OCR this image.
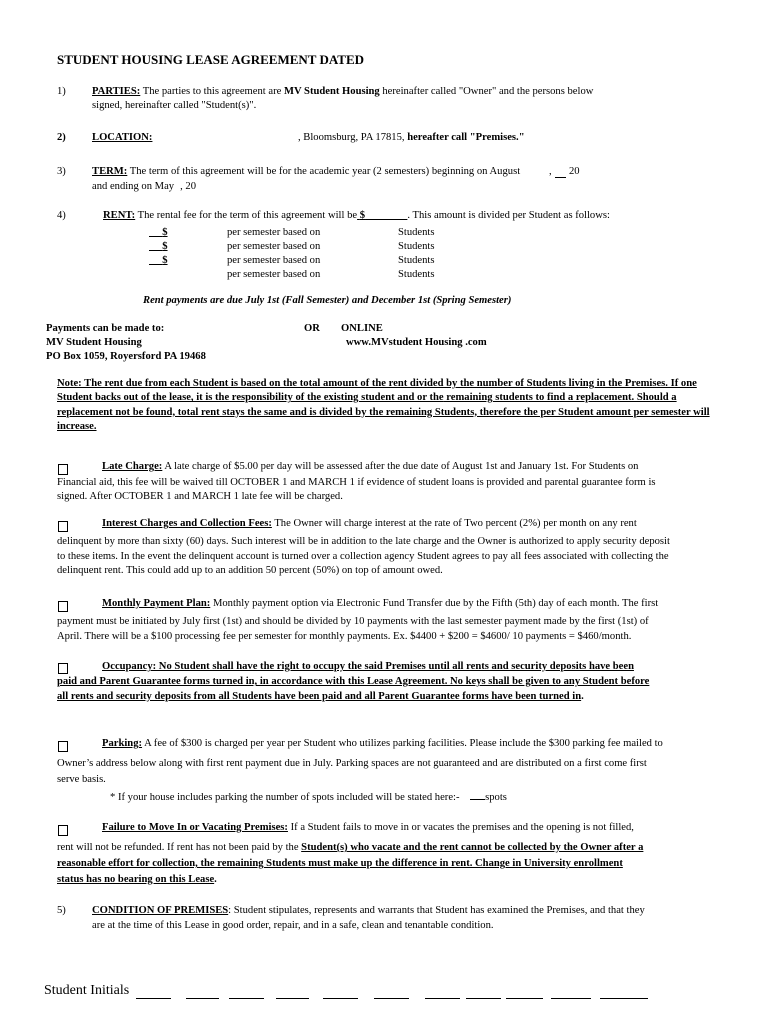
STUDENT HOUSING LEASE AGREEMENT DATED
1) PARTIES: The parties to this agreement are MV Student Housing hereinafter called "Owner" and the persons below
signed, hereinafter called "Student(s)".
2) LOCATION:	, Bloomsburg, PA 17815, hereafter call "Premises."
3) TERM: The term of this agreement will be for the academic year (2 semesters) beginning on August	, 20
and ending on May , 20
4)	RENT: The rental fee for the term of this agreement will be $	. This amount is divided per Student as follows:
$	per semester based on	Students
$	per semester based on	Students
$	per semester based on	Students
per semester based on	Students
Rent payments are due July 1st (Fall Semester) and December 1st (Spring Semester)
Payments can be made to:	OR ONLINE
MV Student Housing	www.MVstudent Housing .com
PO Box 1059, Royersford PA 19468
Note: The rent due from each Student is based on the total amount of the rent divided by the number of Students living in the Premises. If one Student backs out of the lease, it is the responsibility of the existing student and or the remaining students to find a replacement. Should a replacement not be found, total rent stays the same and is divided by the remaining Students, therefore the per Student amount per semester will increase.
Late Charge: A late charge of $5.00 per day will be assessed after the due date of August 1st and January 1st. For Students on
Financial aid, this fee will be waived till OCTOBER 1 and MARCH 1 if evidence of student loans is provided and parental guarantee form is
signed. After OCTOBER 1 and MARCH 1 late fee will be charged.
Interest Charges and Collection Fees: The Owner will charge interest at the rate of Two percent (2%) per month on any rent
delinquent by more than sixty (60) days. Such interest will be in addition to the late charge and the Owner is authorized to apply security deposit
to these items. In the event the delinquent account is turned over a collection agency Student agrees to pay all fees associated with collecting the
delinquent rent. This could add up to an addition 50 percent (50%) on top of amount owed.
Monthly Payment Plan: Monthly payment option via Electronic Fund Transfer due by the Fifth (5th) day of each month. The first
payment must be initiated by July first (1st) and should be divided by 10 payments with the last semester payment made by the first (1st) of
April. There will be a $100 processing fee per semester for monthly payments. Ex. $4400 + $200 = $4600/ 10 payments = $460/month.
Occupancy: No Student shall have the right to occupy the said Premises until all rents and security deposits have been
paid and Parent Guarantee forms turned in, in accordance with this Lease Agreement. No keys shall be given to any Student before
all rents and security deposits from all Students have been paid and all Parent Guarantee forms have been turned in.
Parking: A fee of $300 is charged per year per Student who utilizes parking facilities. Please include the $300 parking fee mailed to
Owner’s address below along with first rent payment due in July. Parking spaces are not guaranteed and are distributed on a first come first
serve basis.
* If your house includes parking the number of spots included will be stated here:- spots
Failure to Move In or Vacating Premises: If a Student fails to move in or vacates the premises and the opening is not filled,
rent will not be refunded. If rent has not been paid by the Student(s) who vacate and the rent cannot be collected by the Owner after a
reasonable effort for collection, the remaining Students must make up the difference in rent. Change in University enrollment
status has no bearing on this Lease.
5) CONDITION OF PREMISES: Student stipulates, represents and warrants that Student has examined the Premises, and that they
are at the time of this Lease in good order, repair, and in a safe, clean and tenantable condition.
Student Initials
